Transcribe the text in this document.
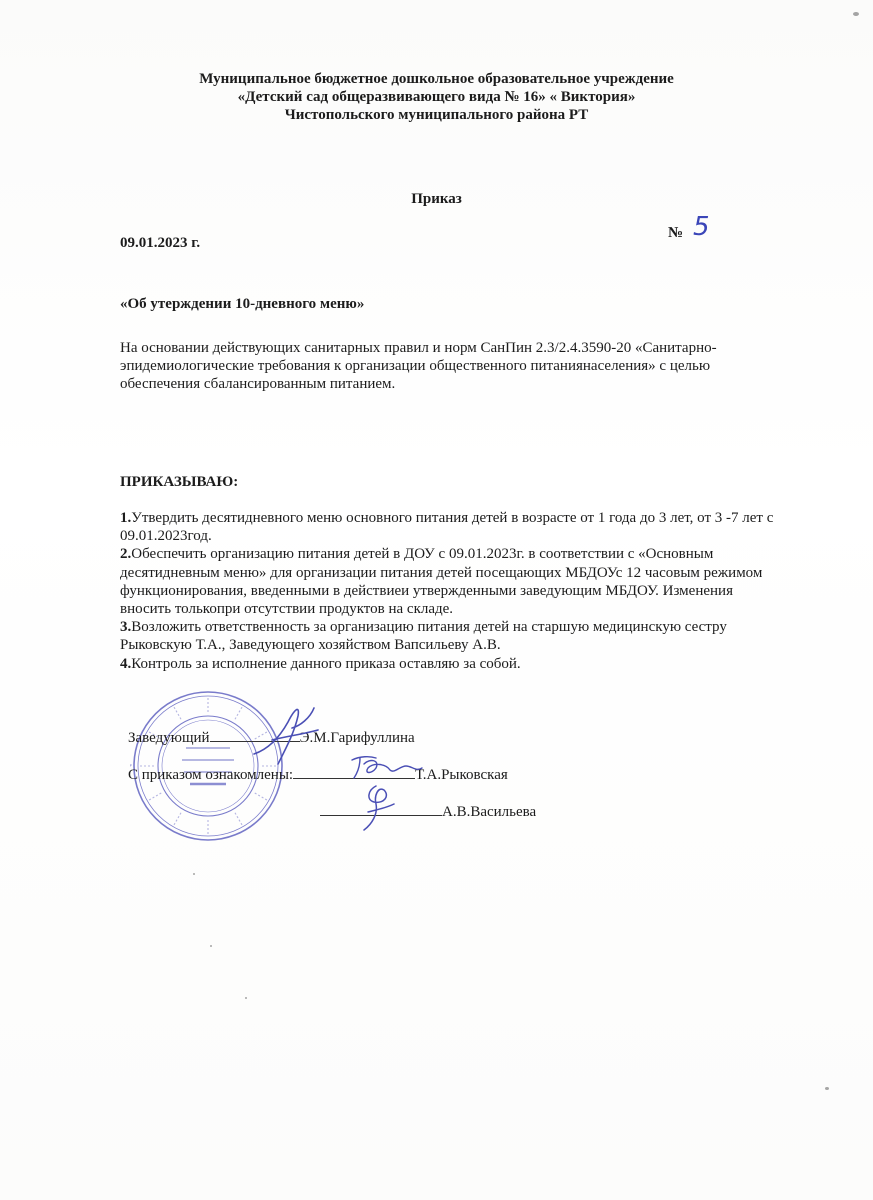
Муниципальное бюджетное дошкольное образовательное учреждение
«Детский сад общеразвивающего вида № 16» « Виктория»
Чистопольского муниципального района РТ
Приказ
09.01.2023 г.
№ 5
«Об утерждении 10-дневного меню»
На основании действующих санитарных правил и норм СанПин 2.3/2.4.3590-20 «Санитарно-эпидемиологические требования к организации общественного питаниянаселения» с целью обеспечения сбалансированным питанием.
ПРИКАЗЫВАЮ:

1.Утвердить десятидневного меню основного питания детей в возрасте от 1 года до 3 лет, от 3 -7 лет с 09.01.2023год.

2.Обеспечить организацию питания детей в ДОУ с 09.01.2023г. в соответствии с «Основным десятидневным меню» для организации питания детей посещающих МБДОУс 12 часовым режимом функционирования, введенными в действиеи утвержденными заведующим МБДОУ. Изменения вносить толькопри отсутствии продуктов на складе.

3.Возложить ответственность за организацию питания детей на старшую медицинскую сестру Рыковскую Т.А., Заведующего хозяйством Вапсильеву А.В.

4.Контроль за исполнение данного приказа оставляю за собой.

Заведующий	Э.М.Гарифуллина
С приказом ознакомлены:	Т.А.Рыковская
А.В.Васильева
